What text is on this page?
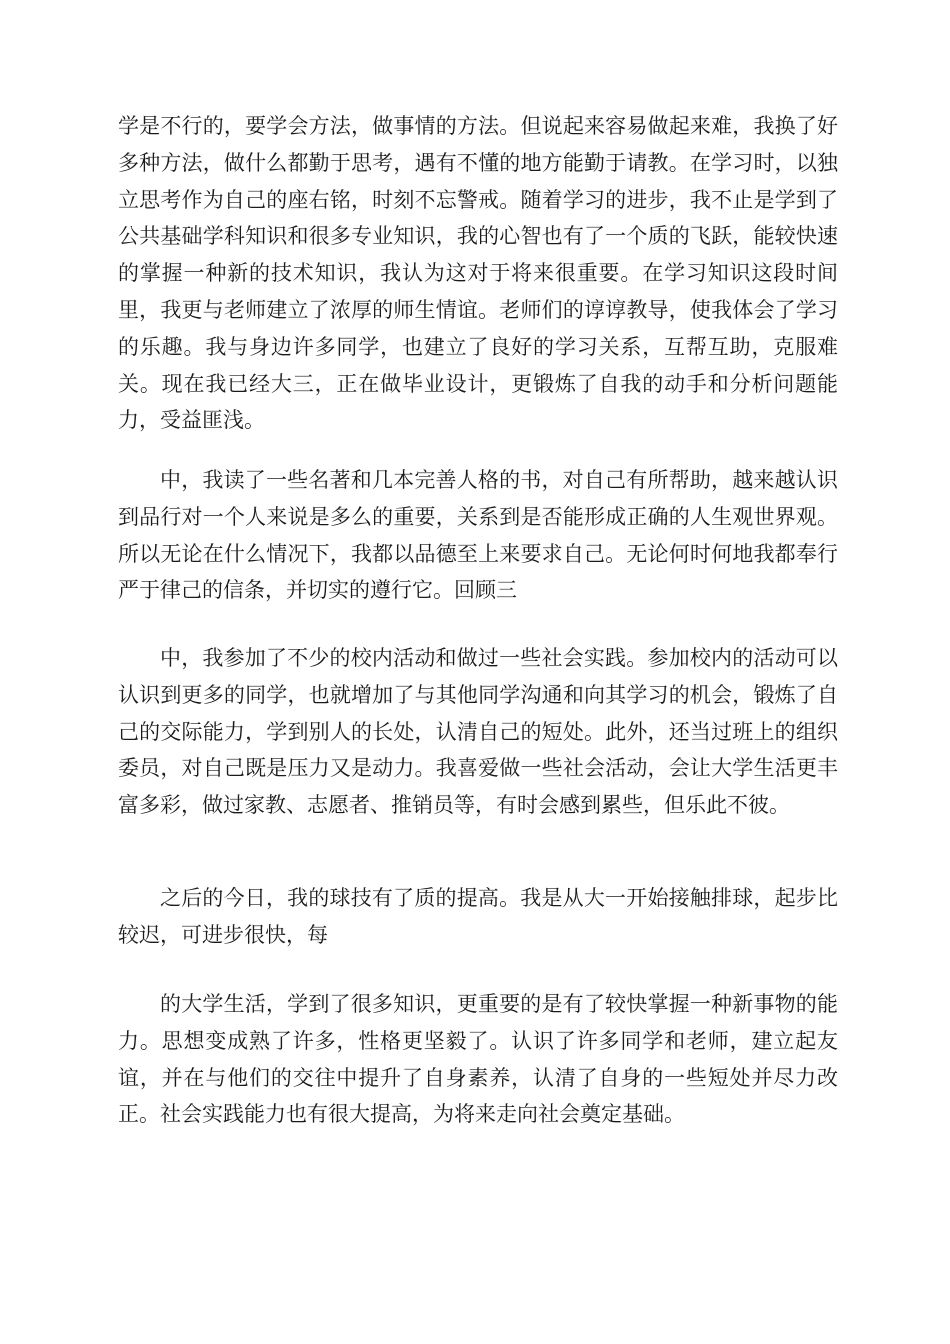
学是不行的，要学会方法，做事情的方法。但说起来容易做起来难，我换了好多种方法，做什么都勤于思考，遇有不懂的地方能勤于请教。在学习时，以独立思考作为自己的座右铭，时刻不忘警戒。随着学习的进步，我不止是学到了公共基础学科知识和很多专业知识，我的心智也有了一个质的飞跃，能较快速的掌握一种新的技术知识，我认为这对于将来很重要。在学习知识这段时间里，我更与老师建立了浓厚的师生情谊。老师们的谆谆教导，使我体会了学习的乐趣。我与身边许多同学，也建立了良好的学习关系，互帮互助，克服难关。现在我已经大三，正在做毕业设计，更锻炼了自我的动手和分析问题能力，受益匪浅。

中，我读了一些名著和几本完善人格的书，对自己有所帮助，越来越认识到品行对一个人来说是多么的重要，关系到是否能形成正确的人生观世界观。所以无论在什么情况下，我都以品德至上来要求自己。无论何时何地我都奉行严于律己的信条，并切实的遵行它。回顾三

中，我参加了不少的校内活动和做过一些社会实践。参加校内的活动可以认识到更多的同学，也就增加了与其他同学沟通和向其学习的机会，锻炼了自己的交际能力，学到别人的长处，认清自己的短处。此外，还当过班上的组织委员，对自己既是压力又是动力。我喜爱做一些社会活动，会让大学生活更丰富多彩，做过家教、志愿者、推销员等，有时会感到累些，但乐此不彼。

之后的今日，我的球技有了质的提高。我是从大一开始接触排球，起步比较迟，可进步很快，每

的大学生活，学到了很多知识，更重要的是有了较快掌握一种新事物的能力。思想变成熟了许多，性格更坚毅了。认识了许多同学和老师，建立起友谊，并在与他们的交往中提升了自身素养，认清了自身的一些短处并尽力改正。社会实践能力也有很大提高，为将来走向社会奠定基础。
